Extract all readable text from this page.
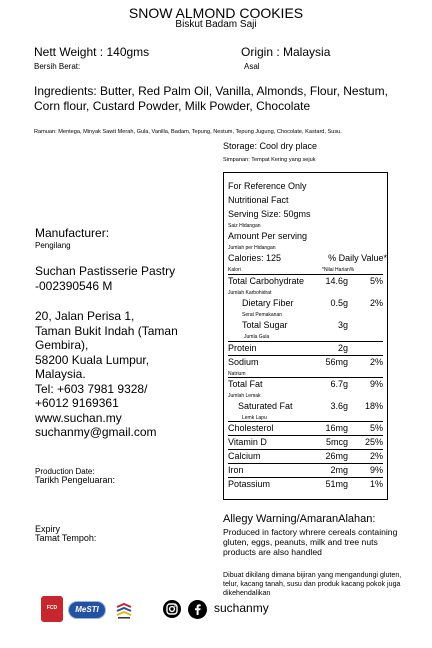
SNOW ALMOND COOKIES
Biskut Badam Saji
Nett Weight : 140gms
Bersih Berat:
Origin : Malaysia
Asal
Ingredients: Butter, Red Palm Oil, Vanilla, Almonds, Flour, Nestum, Corn flour, Custard Powder, Milk Powder, Chocolate
Ramuan: Mentega, Minyak Sawit Merah, Gula, Vanilla, Badam, Tepung, Nestum, Tepung Jugung, Chocolate, Kastard, Susu.
Storage: Cool dry place
Simpanan: Tempat Kering yang sejuk
For Reference Only
Nutritional Fact
Serving Size: 50gms
Saiz Hidangan
Amount Per serving
Jumlah per Hidangan
Calories: 125	% Daily Value*
Kalori	*Nilai Harian%
Total Carbohydrate	14.6g 5%
Jumlah Karbohidrat
Dietary Fiber	0.5g 2%
Serat Pemakanan
Total Sugar	3g
Jumla Gula
Protein	2g
Sodium	56mg 2%
Natrium
Total Fat	6.7g 9%
Jumlah Lemak
Saturated Fat	3.6g 18%
Lemk Lapu
Cholesterol	16mg 5%
Vitamin D	5mcg 25%
Calcium	26mg 2%
Iron	2mg 9%
Potassium	51mg 1%
Manufacturer:
Pengilang
Suchan Pastisserie Pastry
-002390546 M
20, Jalan Perisa 1,
Taman Bukit Indah (Taman
Gembira),
58200 Kuala Lumpur,
Malaysia.
Tel: +603 7981 9328/
+6012 9169361
www.suchan.my
suchanmy@gmail.com
Production Date:
Tarikh Pengeluaran:
Expiry
Tamat Tempoh:
Allegy Warning/AmaranAlahan:
Produced in factory whrere cereals containing gluten, eggs, peanuts, milk and tree nuts products are also handled
Dibuat dikilang dimana bijiran yang mengandungi gluten, telur, kacang tanah, susu dan produk kacang pokok juga dikehendalikan
FCD	MeSTI	suchanmy
